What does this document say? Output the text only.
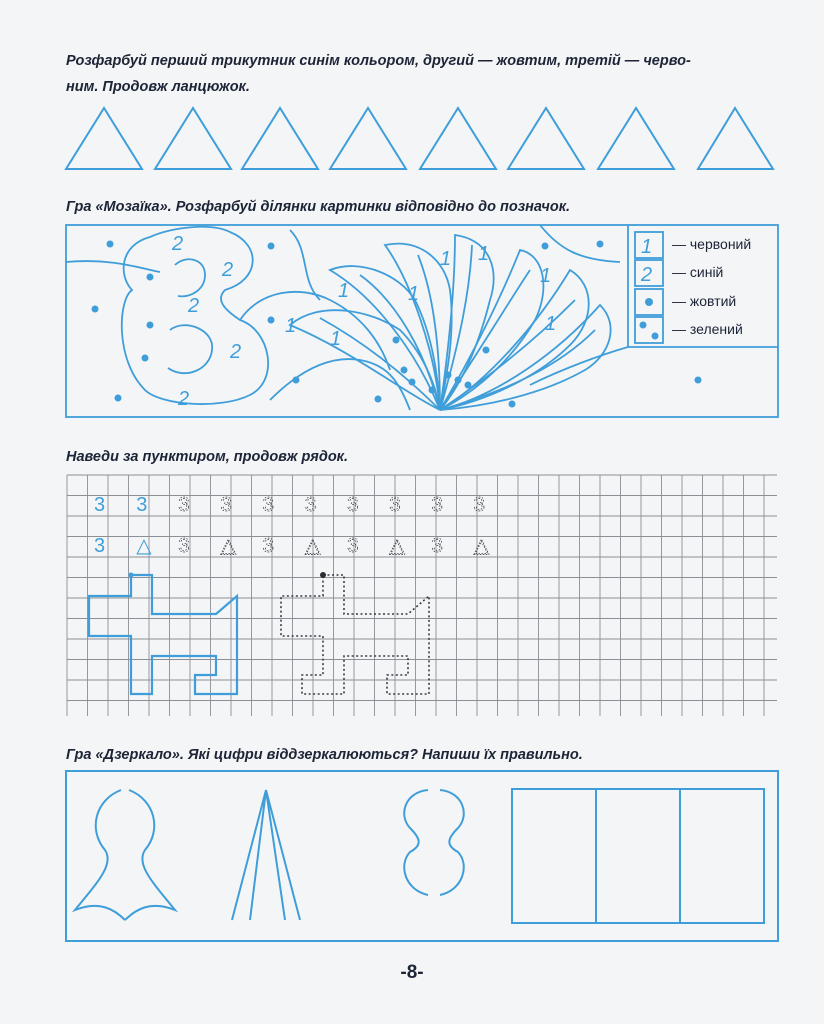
Розфарбуй перший трикутник синім кольором, другий — жовтим, третій — черво-
ним. Продовж ланцюжок.

Гра «Мозаїка». Розфарбуй ділянки картинки відповідно до позначок.

1
2
2
2
2
2
2
1
1
1	1
1 1
1
1
— червоний
— синій
— жовтий
— зелений

Наведи за пунктиром, продовж рядок.

3 3 3 3 3 3 3 3 3 3
3 △ 3 △ 3 △ 3 △ 3 △

Гра «Дзеркало». Які цифри віддзеркалюються? Напиши їх правильно.

-8-
